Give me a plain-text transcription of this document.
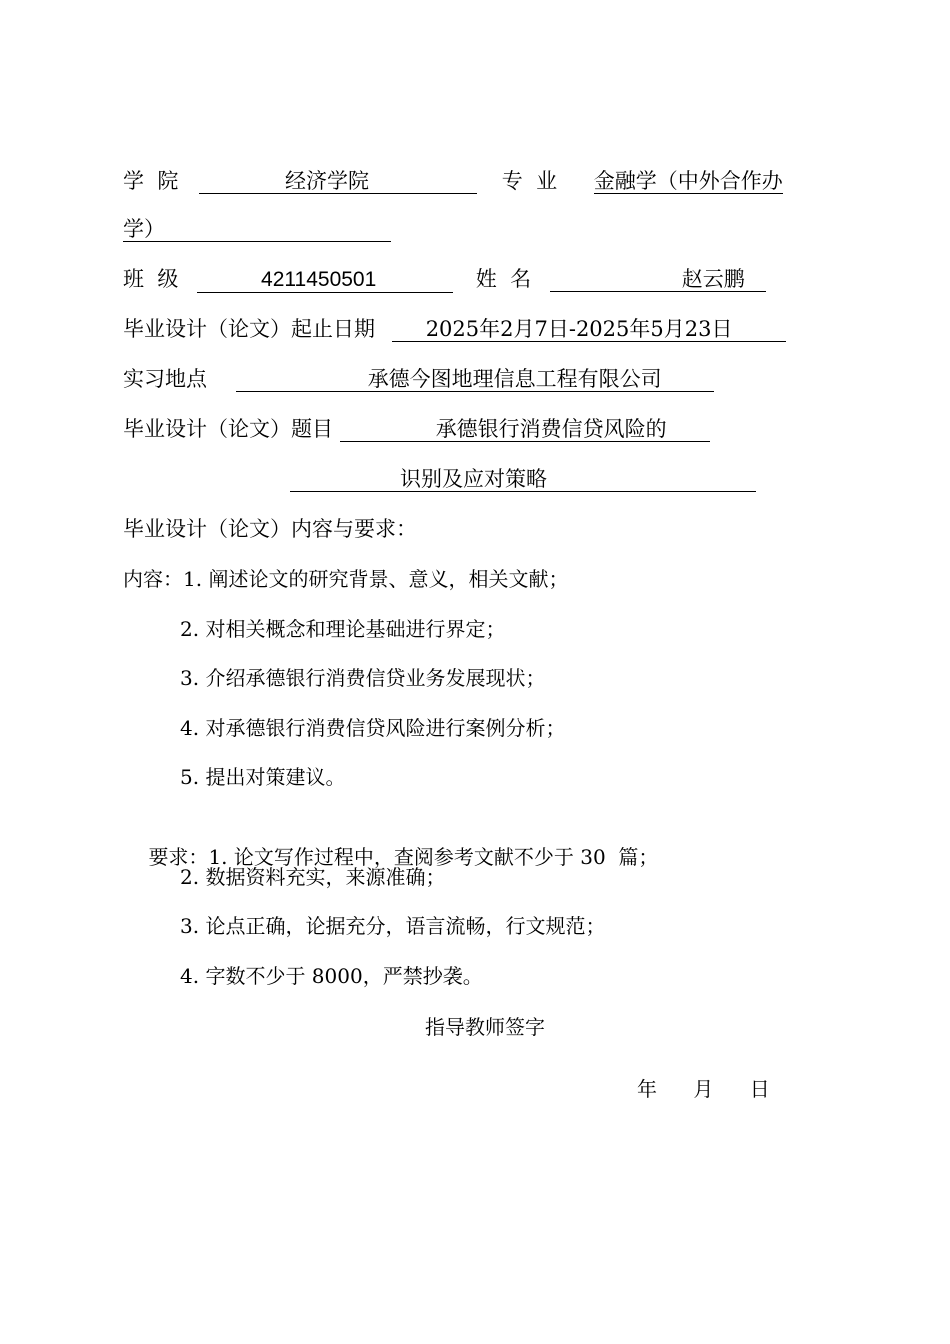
学  院	经济学院	专  业 金融学（中外合作办
学）
班  级	4211450501	姓  名	赵云鹏
毕业设计（论文）起止日期 2025年2月7日-2025年5月23日
实习地点	承德今图地理信息工程有限公司
毕业设计（论文）题目	承德银行消费信贷风险的
识别及应对策略
毕业设计（论文）内容与要求：
内容：1. 阐述论文的研究背景、意义，相关文献；
2. 对相关概念和理论基础进行界定；
3. 介绍承德银行消费信贷业务发展现状；
4. 对承德银行消费信贷风险进行案例分析；
5. 提出对策建议。

要求：1. 论文写作过程中，查阅参考文献不少于 30  篇；

2. 数据资料充实，来源准确；
3. 论点正确，论据充分，语言流畅，行文规范；
4. 字数不少于 8000，严禁抄袭。
指导教师签字
年 月 日
